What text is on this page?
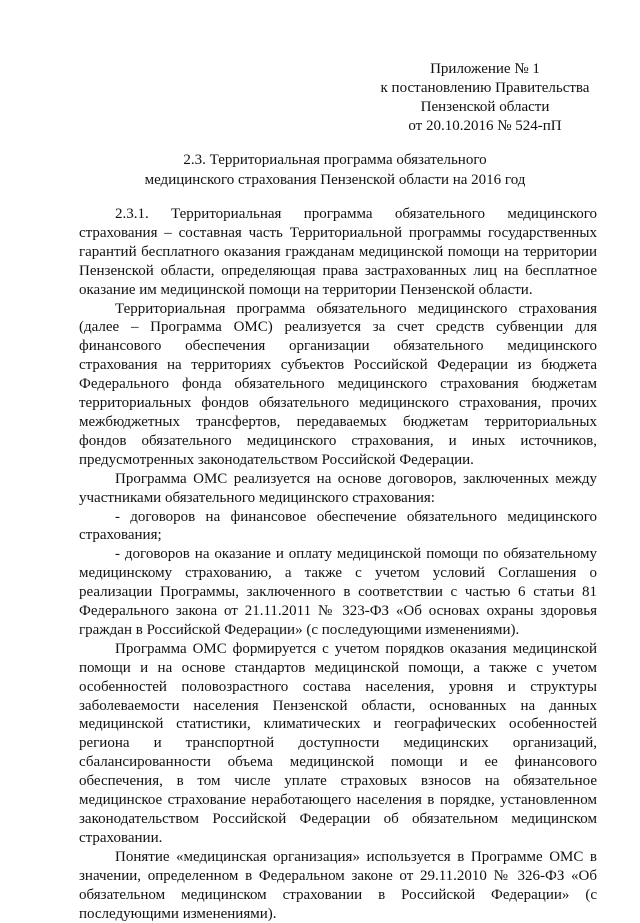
Приложение № 1
к постановлению Правительства
Пензенской области
от 20.10.2016 № 524-пП
2.3. Территориальная программа обязательного
медицинского страхования Пензенской области на 2016 год

2.3.1. Территориальная программа обязательного медицинского страхования – составная часть Территориальной программы государственных гарантий бесплатного оказания гражданам медицинской помощи на территории Пензенской области, определяющая права застрахованных лиц на бесплатное оказание им медицинской помощи на территории Пензенской области.

Территориальная программа обязательного медицинского страхования (далее – Программа ОМС) реализуется за счет средств субвенции для финансового обеспечения организации обязательного медицинского страхования на территориях субъектов Российской Федерации из бюджета Федерального фонда обязательного медицинского страхования бюджетам территориальных фондов обязательного медицинского страхования, прочих межбюджетных трансфертов, передаваемых бюджетам территориальных фондов обязательного медицинского страхования, и иных источников, предусмотренных законодательством Российской Федерации.

Программа ОМС реализуется на основе договоров, заключенных между участниками обязательного медицинского страхования:

- договоров на финансовое обеспечение обязательного медицинского страхования;

- договоров на оказание и оплату медицинской помощи по обязательному медицинскому страхованию, а также с учетом условий Соглашения о реализации Программы, заключенного в соответствии с частью 6 статьи 81 Федерального закона от 21.11.2011 № 323-ФЗ «Об основах охраны здоровья граждан в Российской Федерации» (с последующими изменениями).

Программа ОМС формируется с учетом порядков оказания медицинской помощи и на основе стандартов медицинской помощи, а также с учетом особенностей половозрастного состава населения, уровня и структуры заболеваемости населения Пензенской области, основанных на данных медицинской статистики, климатических и географических особенностей региона и транспортной доступности медицинских организаций, сбалансированности объема медицинской помощи и ее финансового обеспечения, в том числе уплате страховых взносов на обязательное медицинское страхование неработающего населения в порядке, установленном законодательством Российской Федерации об обязательном медицинском страховании.

Понятие «медицинская организация» используется в Программе ОМС в значении, определенном в Федеральном законе от 29.11.2010 № 326-ФЗ «Об обязательном медицинском страховании в Российской Федерации» (с последующими изменениями).
